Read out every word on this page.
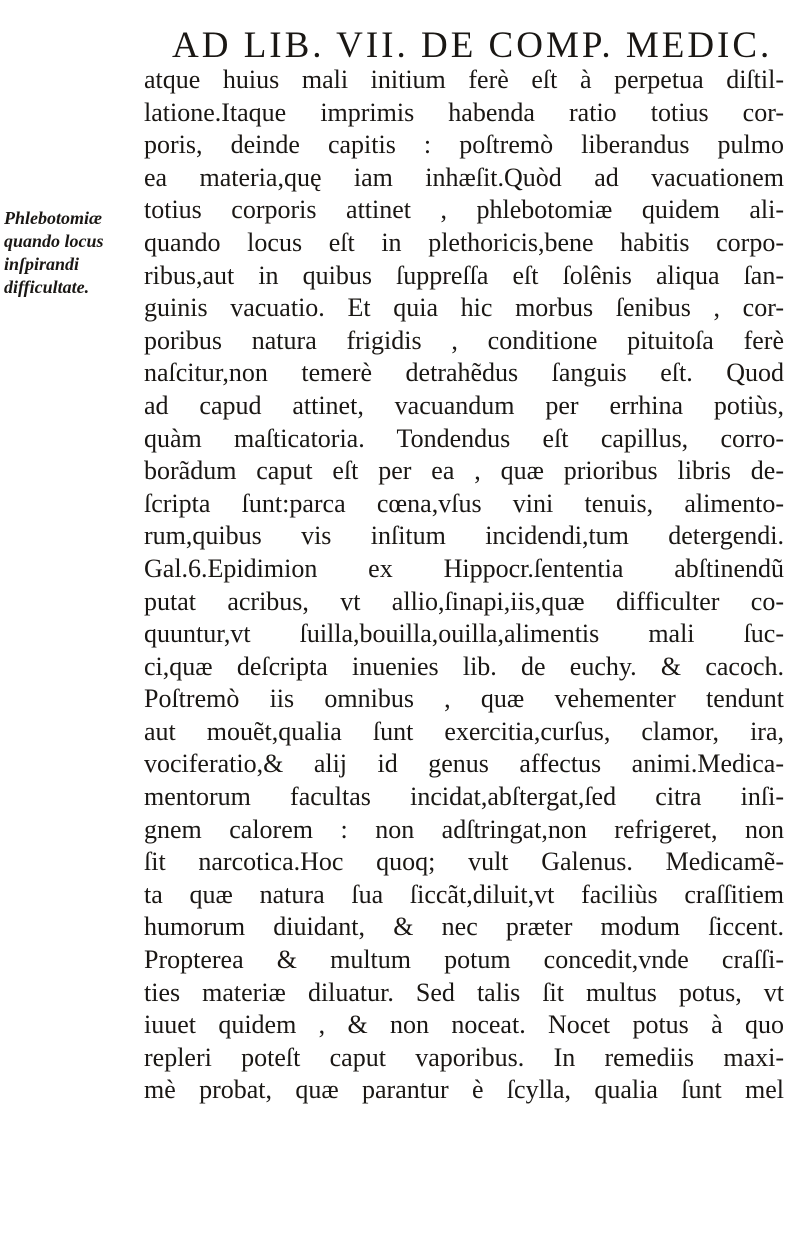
AD LIB. VII. DE COMP. MEDIC.
Phlebotomiæ
quando locus
inſpirandi
difficultate.
atque huius mali initium ferè eſt à perpetua diſtil-
latione.Itaque imprimis habenda ratio totius cor-
poris, deinde capitis : poſtremò liberandus pulmo
ea materia,quę iam inhæſit.Quòd ad vacuationem
totius corporis attinet , phlebotomiæ quidem ali-
quando locus eſt in plethoricis,bene habitis corpo-
ribus,aut in quibus ſuppreſſa eſt ſolênis aliqua ſan-
guinis vacuatio. Et quia hic morbus ſenibus , cor-
poribus natura frigidis , conditione pituitoſa ferè
naſcitur,non temerè detrahẽdus ſanguis eſt. Quod
ad capud attinet, vacuandum per errhina potiùs,
quàm maſticatoria. Tondendus eſt capillus, corro-
borãdum caput eſt per ea , quæ prioribus libris de-
ſcripta ſunt:parca cœna,vſus vini tenuis, alimento-
rum,quibus vis inſitum incidendi,tum detergendi.
Gal.6.Epidimion ex Hippocr.ſententia abſtinendũ
putat acribus, vt allio,ſinapi,iis,quæ difficulter co-
quuntur,vt ſuilla,bouilla,ouilla,alimentis mali ſuc-
ci,quæ deſcripta inuenies lib. de euchy. & cacoch.
Poſtremò iis omnibus , quæ vehementer tendunt
aut mouẽt,qualia ſunt exercitia,curſus, clamor, ira,
vociferatio,& alij id genus affectus animi.Medica-
mentorum facultas incidat,abſtergat,ſed citra inſi-
gnem calorem : non adſtringat,non refrigeret, non
ſit narcotica.Hoc quoq; vult Galenus. Medicamẽ-
ta quæ natura ſua ſiccãt,diluit,vt faciliùs craſſitiem
humorum diuidant, & nec præter modum ſiccent.
Propterea & multum potum concedit,vnde craſſi-
ties materiæ diluatur. Sed talis ſit multus potus, vt
iuuet quidem , & non noceat. Nocet potus à quo
repleri poteſt caput vaporibus. In remediis maxi-
mè probat, quæ parantur è ſcylla, qualia ſunt mel
